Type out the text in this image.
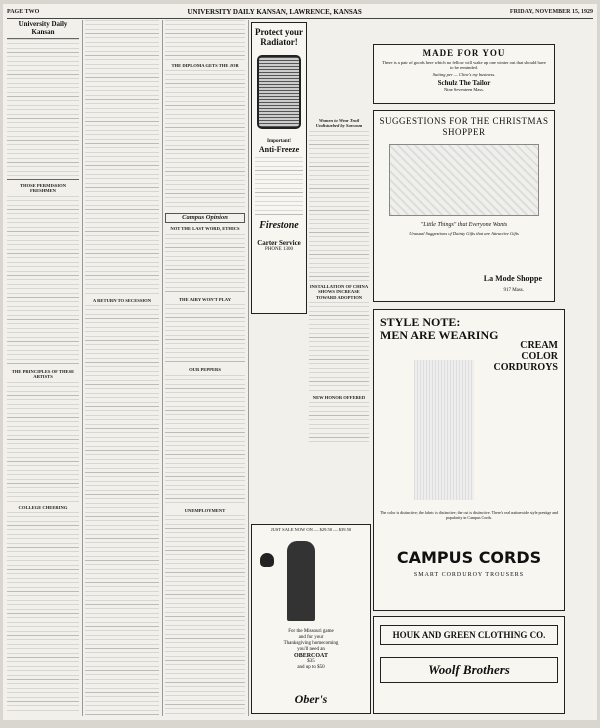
PAGE TWO	UNIVERSITY DAILY KANSAN, LAWRENCE, KANSAS	FRIDAY, NOVEMBER 15, 1929
University Daily Kansan
THOSE PERMISSION FRESHMEN
THE PRINCIPLES OF THESE ARTISTS
COLLEGE CHEERING
A RETURN TO SECESSION
THE DIPLOMA GETS THE JOB
Campus Opinion
NOT THE LAST WORD, ETHICS
THE AIRY WON'T PLAY
OUR PEPPERS
UNEMPLOYMENT
Women to Wear Trail Undisturbed by Sarcasm
INSTALLATION OF CHINA SHOWS INCREASE TOWARD ADOPTION
NEW HONOR OFFERED
Protect your Radiator!
Important!
Anti-Freeze
Firestone
Carter Service
PHONE 1300
MADE FOR YOU
There is a pair of goods here which no fellow will wake up one winter out that should have to be reminded.
Suiting per — Cline's my business.
Schulz The Tailor
Nine Seventeen Mass.
SUGGESTIONS FOR THE CHRISTMAS SHOPPER
"Little Things" that Everyone Wants
Unusual Suggestions of Dainty Gifts that are Attractive Gifts
La Mode Shoppe
917 Mass.
STYLE NOTE:
MEN ARE WEARING
CREAM COLOR CORDUROYS
The color is distinctive; the fabric is distinctive; the cut is distinctive. There's real nationwide style prestige and popularity in Campus Cords.
CAMPUS CORDS
SMART CORDUROY TROUSERS
JUST SALE NOW ON — $29.50 — $39.50
For the Missouri game
and for your
Thanksgiving homecoming
you'll need an
OBERCOAT
$35
and up to $50
Ober's
HOUK AND GREEN CLOTHING CO.
Woolf Brothers
